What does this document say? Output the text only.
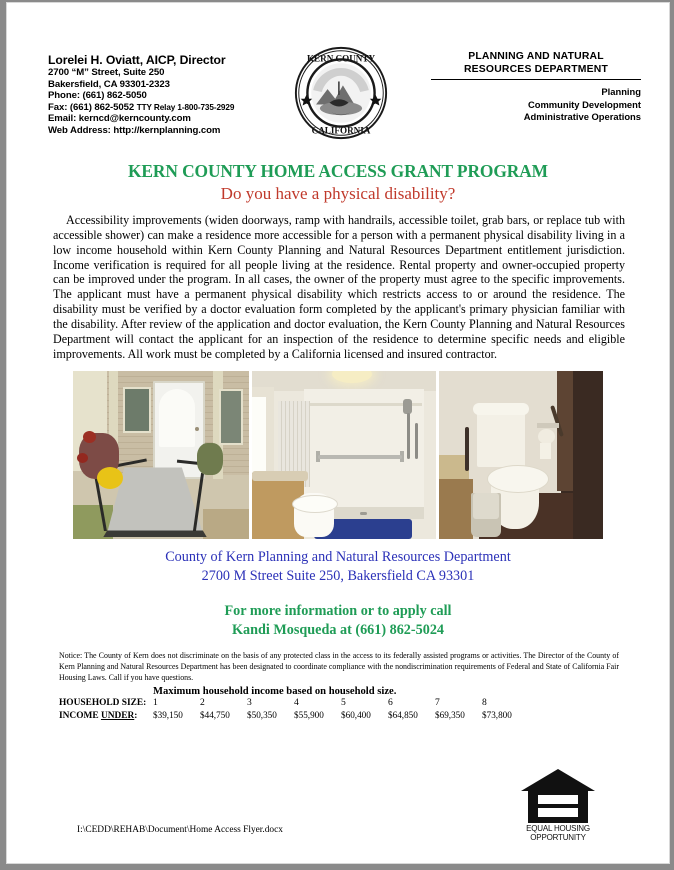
Lorelei H. Oviatt, AICP, Director
2700 “M” Street, Suite 250
Bakersfield, CA 93301-2323
Phone: (661) 862-5050
Fax: (661) 862-5052 TTY Relay 1-800-735-2929
Email: kerncd@kerncounty.com
Web Address: http://kernplanning.com
KERN COUNTY
CALIFORNIA
PLANNING AND NATURAL
RESOURCES DEPARTMENT
Planning
Community Development
Administrative Operations
KERN COUNTY HOME ACCESS GRANT PROGRAM
Do you have a physical disability?
Accessibility improvements (widen doorways, ramp with handrails, accessible toilet, grab bars, or replace tub with accessible shower) can make a residence more accessible for a person with a permanent physical disability living in a low income household within Kern County Planning and Natural Resources Department entitlement jurisdiction. Income verification is required for all people living at the residence. Rental property and owner-occupied property can be improved under the program. In all cases, the owner of the property must agree to the specific improvements. The applicant must have a permanent physical disability which restricts access to or around the residence. The disability must be verified by a doctor evaluation form completed by the applicant's primary physician familiar with the disability. After review of the application and doctor evaluation, the Kern County Planning and Natural Resources Department will contact the applicant for an inspection of the residence to determine specific needs and eligible improvements. All work must be completed by a California licensed and insured contractor.
County of Kern Planning and Natural Resources Department
2700 M Street Suite 250, Bakersfield CA 93301
For more information or to apply call
Kandi Mosqueda at (661) 862-5024
Notice: The County of Kern does not discriminate on the basis of any protected class in the access to its federally assisted programs or activities. The Director of the County of Kern Planning and Natural Resources Department has been designated to coordinate compliance with the nondiscrimination requirements of Federal and State of California Fair Housing Laws. Call if you have questions.
Maximum household income based on household size.
HOUSEHOLD SIZE: 1	2	3	4	5	6	7	8
INCOME UNDER:	$39,150	$44,750	$50,350	$55,900	$60,400	$64,850	$69,350	$73,800
EQUAL HOUSING
OPPORTUNITY
I:\CEDD\REHAB\Document\Home Access Flyer.docx
